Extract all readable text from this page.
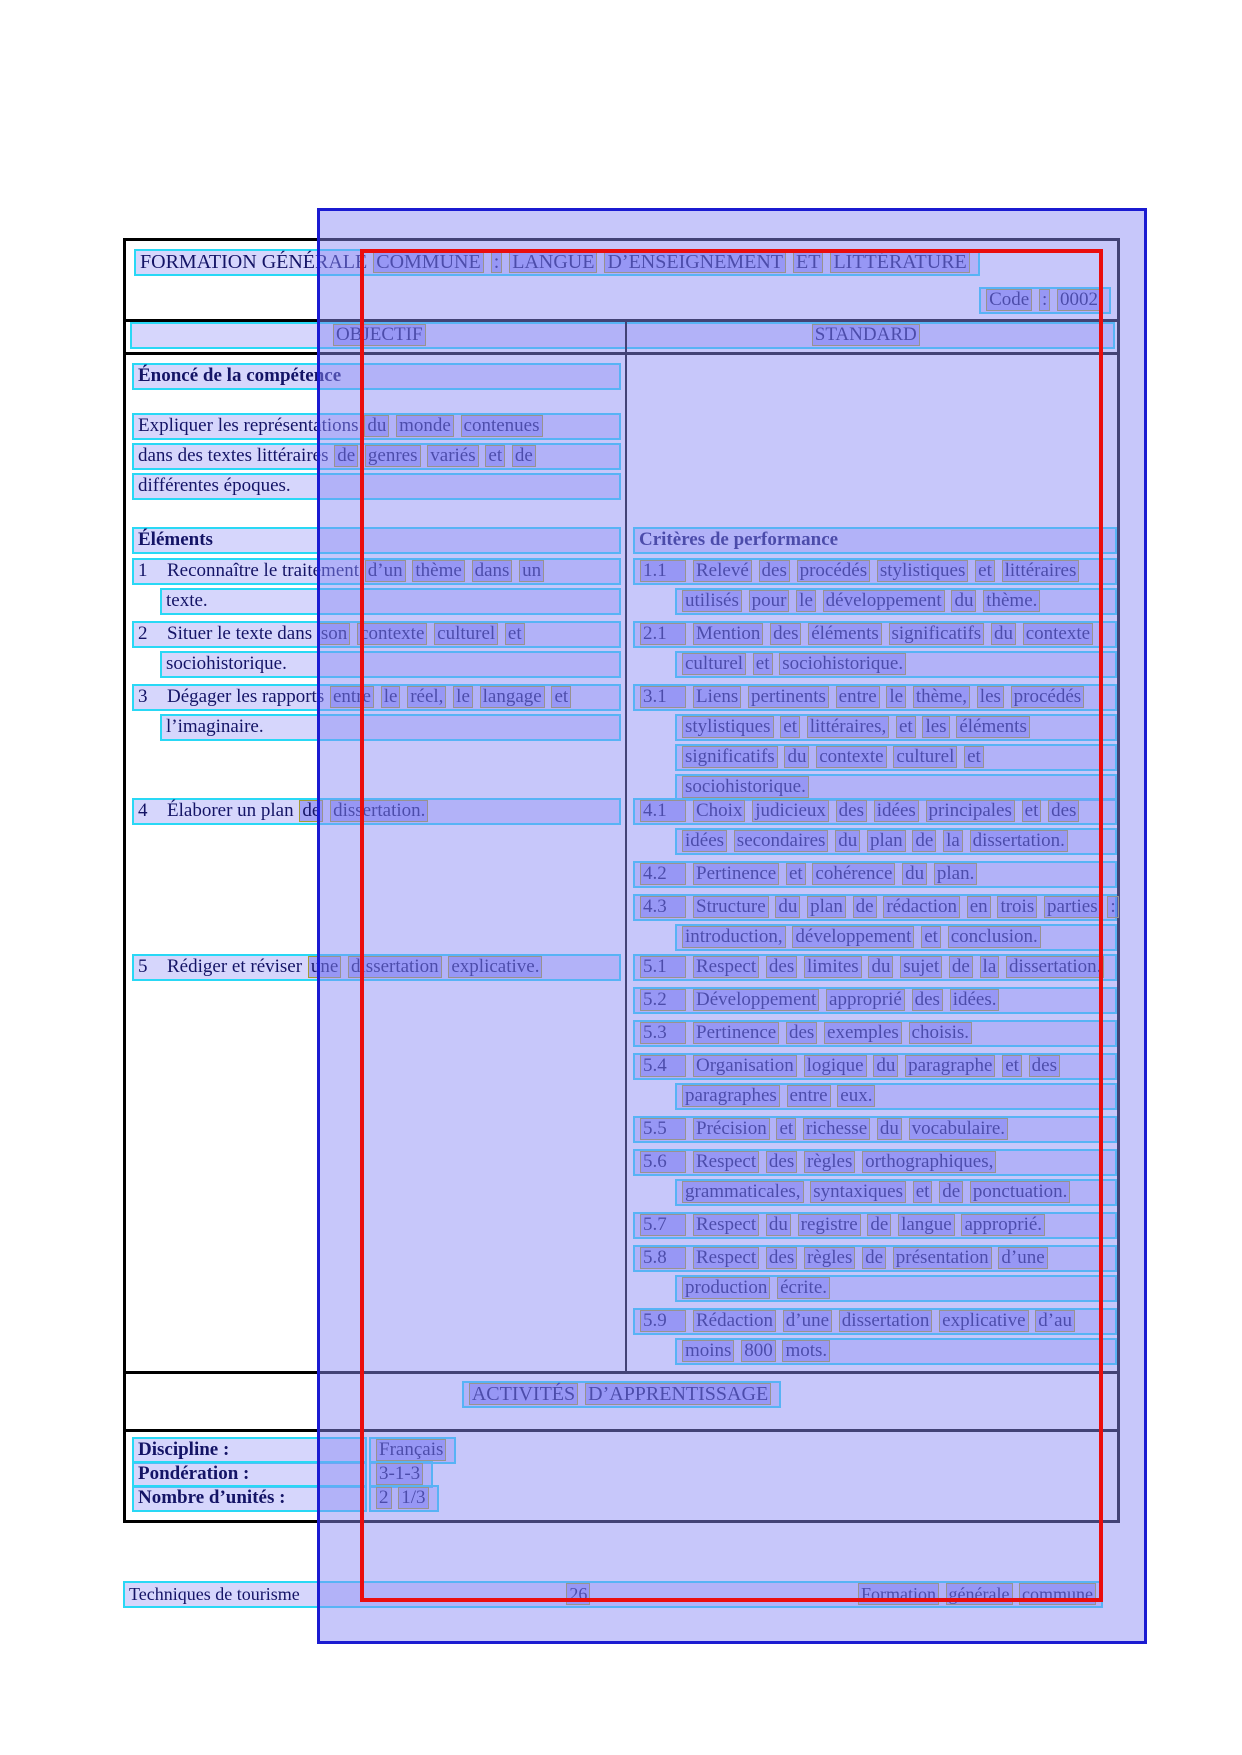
FORMATION GÉNÉRALE COMMUNE : LANGUE D’ENSEIGNEMENT ET LITTÉRATURE
Code : 0002
OBJECTIF	STANDARD
Énoncé de la compétence
Expliquer les représentations du monde contenues
dans des textes littéraires de genres variés et de
différentes époques.
Éléments
1 Reconnaître le traitement d’un thème dans un
texte.
2 Situer le texte dans son contexte culturel et
sociohistorique.
3 Dégager les rapports entre le réel, le langage et
l’imaginaire.
4 Élaborer un plan de dissertation.
5 Rédiger et réviser une dissertation explicative.
Critères de performance
1.1 Relevé des procédés stylistiques et littéraires
utilisés pour le développement du thème.
2.1 Mention des éléments significatifs du contexte
culturel et sociohistorique.
3.1 Liens pertinents entre le thème, les procédés
stylistiques et littéraires, et les éléments
significatifs du contexte culturel et
sociohistorique.
4.1 Choix judicieux des idées principales et des
idées secondaires du plan de la dissertation.
4.2 Pertinence et cohérence du plan.
4.3 Structure du plan de rédaction en trois parties :
introduction, développement et conclusion.
5.1 Respect des limites du sujet de la dissertation.
5.2 Développement approprié des idées.
5.3 Pertinence des exemples choisis.
5.4 Organisation logique du paragraphe et des
paragraphes entre eux.
5.5 Précision et richesse du vocabulaire.
5.6 Respect des règles orthographiques,
grammaticales, syntaxiques et de ponctuation.
5.7 Respect du registre de langue approprié.
5.8 Respect des règles de présentation d’une
production écrite.
5.9 Rédaction d’une dissertation explicative d’au
moins 800 mots.
ACTIVITÉS D’APPRENTISSAGE
Discipline :	Français
Pondération :	3-1-3
Nombre d’unités :	2 1/3
Techniques de tourisme	26	Formation générale commune
